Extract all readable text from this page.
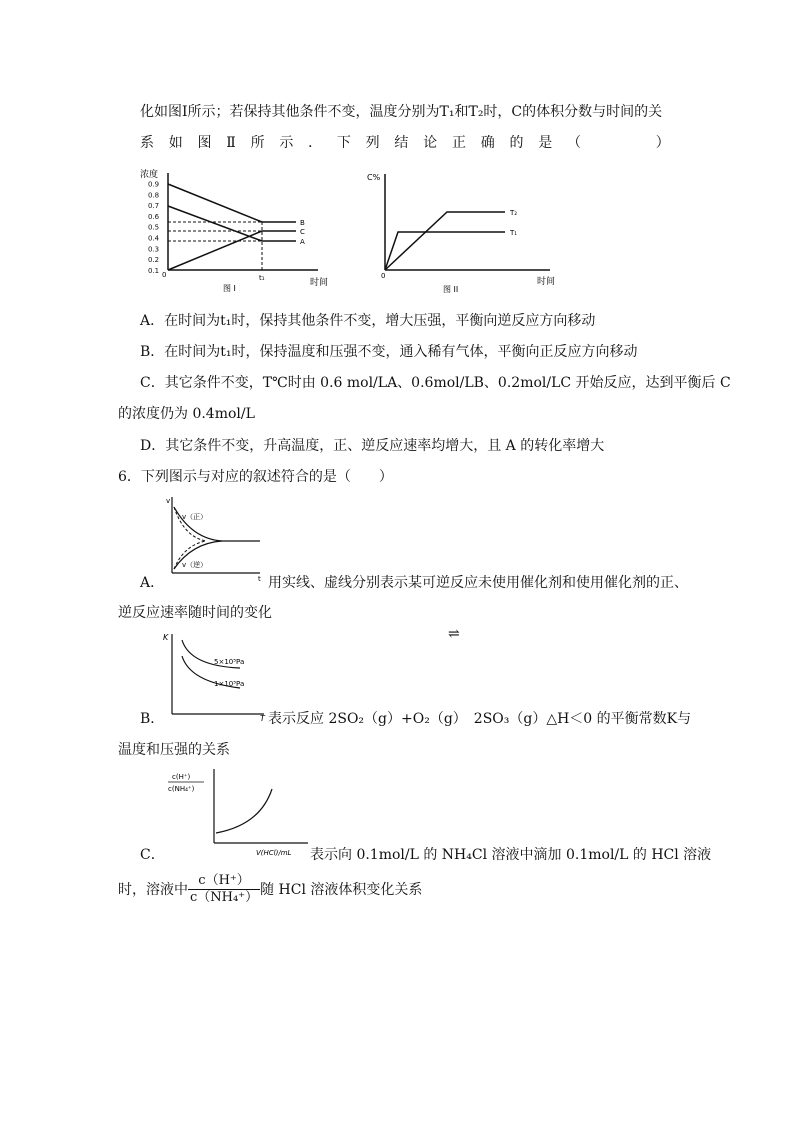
化如图Ⅰ所示；若保持其他条件不变，温度分别为T₁和T₂时，C的体积分数与时间的关
系 如 图 Ⅱ 所 示 ． 下 列 结 论 正 确 的 是 （	）
浓度
0.9
0.8
0.7
0.6
0.5
0.4
0.3
0.2
0.1
0
时间
t₁
图 I
B
C
A
C%
0
时间
图 II
T₂
T₁
A．在时间为t₁时，保持其他条件不变，增大压强，平衡向逆反应方向移动
B．在时间为t₁时，保持温度和压强不变，通入稀有气体，平衡向正反应方向移动
C．其它条件不变，T℃时由 0.6 mol/LA、0.6mol/LB、0.2mol/LC 开始反应，达到平衡后 C
的浓度仍为 0.4mol/L
D．其它条件不变，升高温度，正、逆反应速率均增大，且 A 的转化率增大
6．下列图示与对应的叙述符合的是（　　）
v
t
v（正）
v（逆）
A．	用实线、虚线分别表示某可逆反应未使用催化剂和使用催化剂的正、
逆反应速率随时间的变化
⇌
K
T
5×10⁵Pa
1×10⁵Pa
B．	表示反应 2SO₂（g）+O₂（g）　2SO₃（g）△H＜0 的平衡常数K与
温度和压强的关系
c(H⁺)
c(NH₄⁺)
V(HCl)/mL
C．	表示向 0.1mol/L 的 NH₄Cl 溶液中滴加 0.1mol/L 的 HCl 溶液
时，溶液中 $\frac{c(H^+)}{\text{c（NH₄⁺）}}$ 随 HCl 溶液体积变化关系
